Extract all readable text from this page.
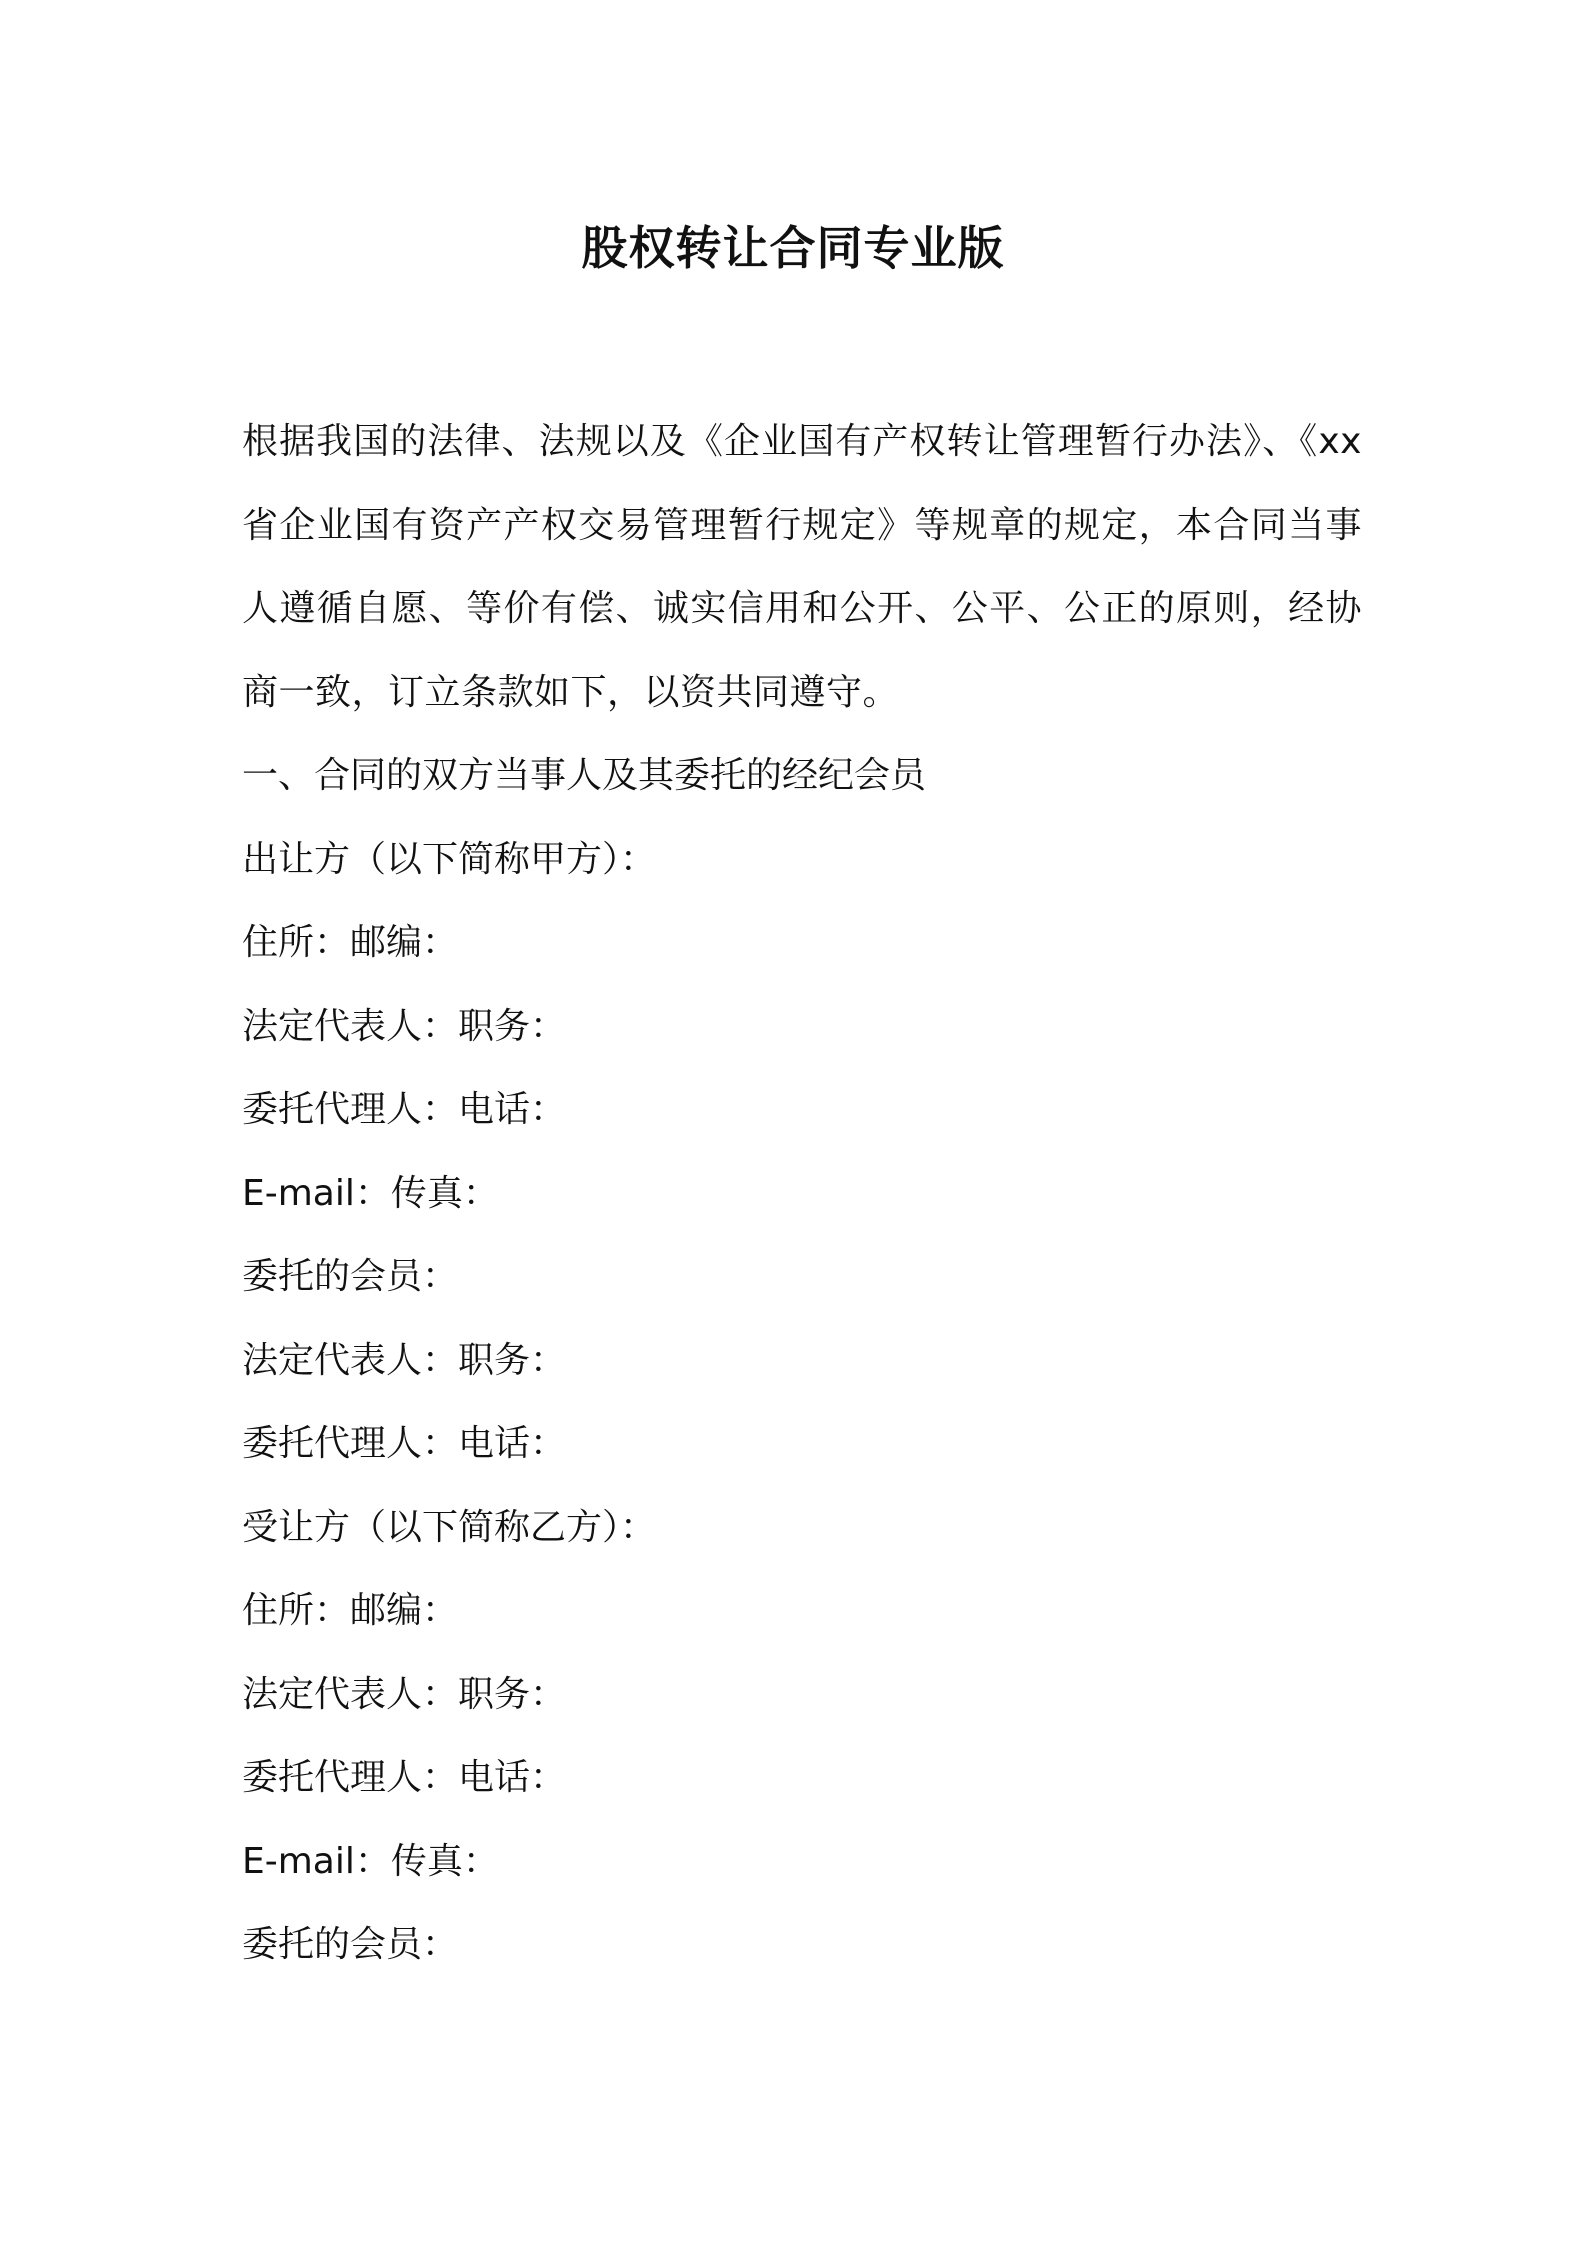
股权转让合同专业版

根据我国的法律、法规以及《企业国有产权转让管理暂行办法》、《xx省企业国有资产产权交易管理暂行规定》等规章的规定，本合同当事人遵循自愿、等价有偿、诚实信用和公开、公平、公正的原则，经协商一致，订立条款如下，以资共同遵守。

一、合同的双方当事人及其委托的经纪会员
出让方（以下简称甲方）：
住所：邮编：
法定代表人：职务：
委托代理人：电话：
E-mail：传真：
委托的会员：
法定代表人：职务：
委托代理人：电话：
受让方（以下简称乙方）：
住所：邮编：
法定代表人：职务：
委托代理人：电话：
E-mail：传真：
委托的会员：
